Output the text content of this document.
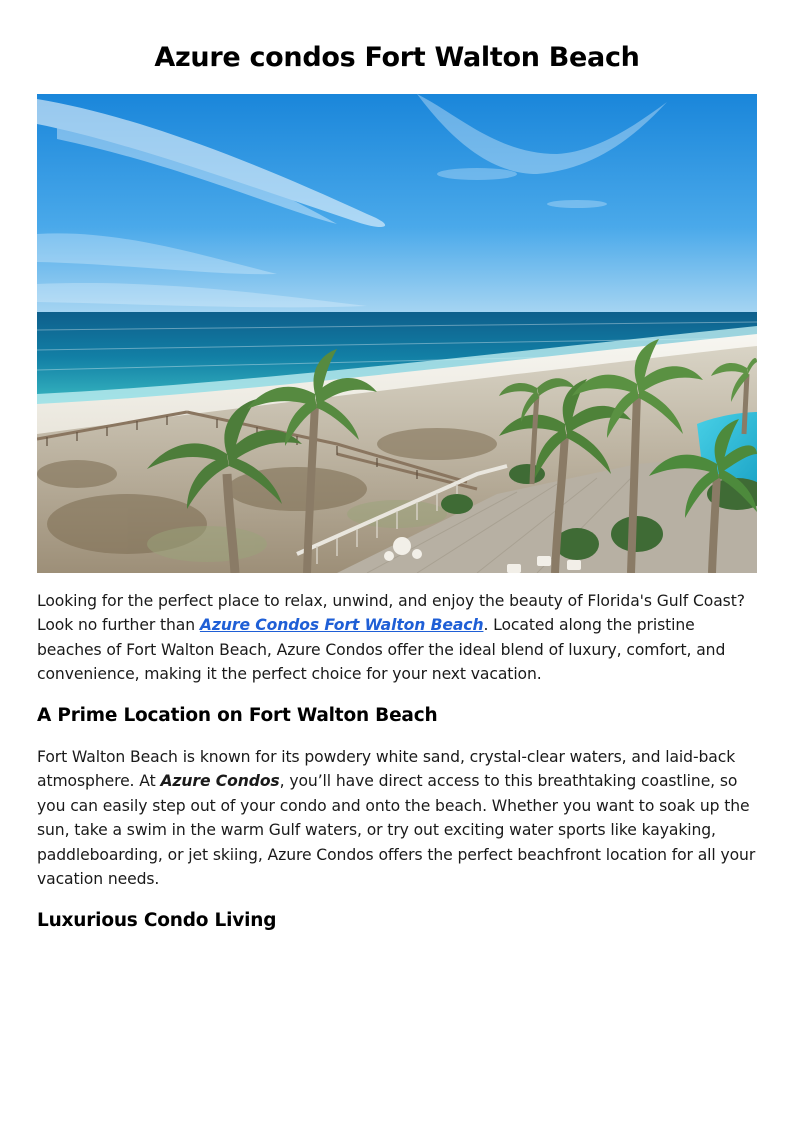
Azure condos Fort Walton Beach
Looking for the perfect place to relax, unwind, and enjoy the beauty of Florida's Gulf Coast? Look no further than Azure Condos Fort Walton Beach. Located along the pristine beaches of Fort Walton Beach, Azure Condos offer the ideal blend of luxury, comfort, and convenience, making it the perfect choice for your next vacation.
A Prime Location on Fort Walton Beach
Fort Walton Beach is known for its powdery white sand, crystal-clear waters, and laid-back atmosphere. At Azure Condos, you’ll have direct access to this breathtaking coastline, so you can easily step out of your condo and onto the beach. Whether you want to soak up the sun, take a swim in the warm Gulf waters, or try out exciting water sports like kayaking, paddleboarding, or jet skiing, Azure Condos offers the perfect beachfront location for all your vacation needs.
Luxurious Condo Living
